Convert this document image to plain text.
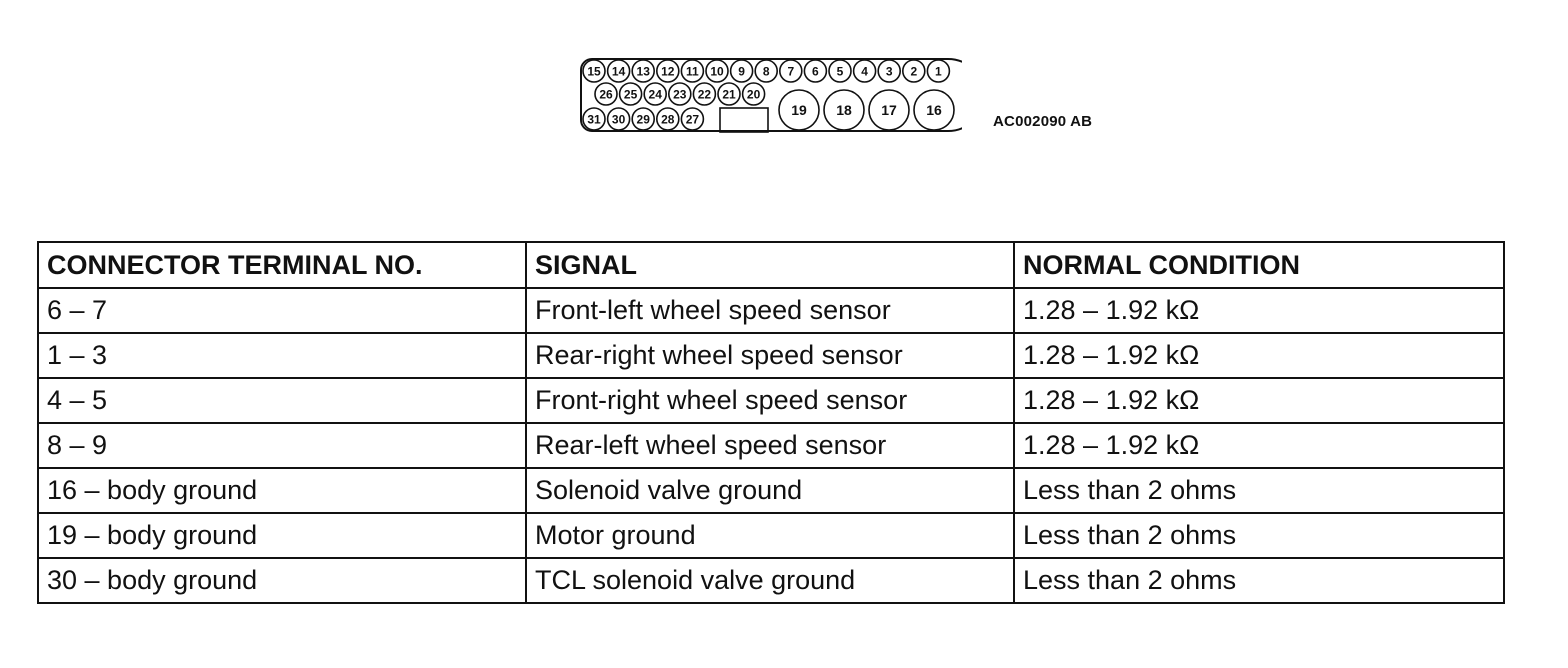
15 14 13 12 11 10 9 8 7 6 5 4 3 2 1
26 25 24 23 22 21 20
31 30 29 28 27
19 18 17 16
AC002090 AB
CONNECTOR TERMINAL NO.	SIGNAL	NORMAL CONDITION
6 – 7	Front-left wheel speed sensor	1.28 – 1.92 kΩ
1 – 3	Rear-right wheel speed sensor	1.28 – 1.92 kΩ
4 – 5	Front-right wheel speed sensor	1.28 – 1.92 kΩ
8 – 9	Rear-left wheel speed sensor	1.28 – 1.92 kΩ
16 – body ground	Solenoid valve ground	Less than 2 ohms
19 – body ground	Motor ground	Less than 2 ohms
30 – body ground	TCL solenoid valve ground	Less than 2 ohms
